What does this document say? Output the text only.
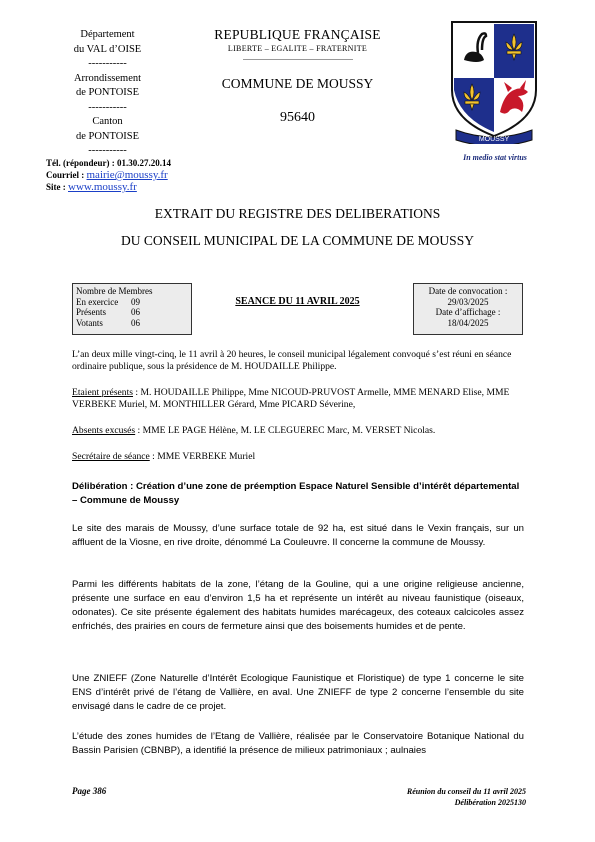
Département
du VAL d’OISE
-----------
Arrondissement
de PONTOISE
-----------
Canton
de PONTOISE
-----------
REPUBLIQUE FRANÇAISE
LIBERTE – EGALITE – FRATERNITE
COMMUNE DE MOUSSY
95640
MOUSSY
In medio stat virtus
Tél. (répondeur) : 01.30.27.20.14
Courriel : mairie@moussy.fr
Site : www.moussy.fr
EXTRAIT DU REGISTRE DES DELIBERATIONS
DU CONSEIL MUNICIPAL DE LA COMMUNE DE MOUSSY
Nombre de Membres
En exercice	09
Présents	06
Votants	06
SEANCE DU 11 AVRIL 2025
Date de convocation :
29/03/2025
Date d’affichage :
18/04/2025
L’an deux mille vingt-cinq, le 11 avril à 20 heures, le conseil municipal légalement convoqué s’est réuni en séance ordinaire publique, sous la présidence de M. HOUDAILLE Philippe.
Etaient présents : M. HOUDAILLE Philippe, Mme NICOUD-PRUVOST Armelle, MME MENARD Elise, MME VERBEKE Muriel, M. MONTHILLER Gérard, Mme PICARD Séverine,
Absents excusés : MME LE PAGE Hélène, M. LE CLEGUEREC Marc, M. VERSET Nicolas.
Secrétaire de séance : MME VERBEKE Muriel
Délibération : Création d’une zone de préemption Espace Naturel Sensible d’intérêt départemental – Commune de Moussy
Le site des marais de Moussy, d’une surface totale de 92 ha, est situé dans le Vexin français, sur un affluent de la Viosne, en rive droite, dénommé La Couleuvre. Il concerne la commune de Moussy.
Parmi les différents habitats de la zone, l’étang de la Gouline, qui a une origine religieuse ancienne, présente une surface en eau d’environ 1,5 ha et représente un intérêt au niveau faunistique (oiseaux, odonates). Ce site présente également des habitats humides marécageux, des coteaux calcicoles assez enfrichés, des prairies en cours de fermeture ainsi que des boisements humides et de pente.
Une ZNIEFF (Zone Naturelle d’Intérêt Ecologique Faunistique et Floristique) de type 1 concerne le site ENS d’intérêt privé de l’étang de Vallière, en aval. Une ZNIEFF de type 2 concerne l’ensemble du site envisagé dans le cadre de ce projet.
L’étude des zones humides de l’Etang de Vallière, réalisée par le Conservatoire Botanique National du Bassin Parisien (CBNBP), a identifié la présence de milieux patrimoniaux ; aulnaies
Page 386	Réunion du conseil du 11 avril 2025
Délibération 2025130
